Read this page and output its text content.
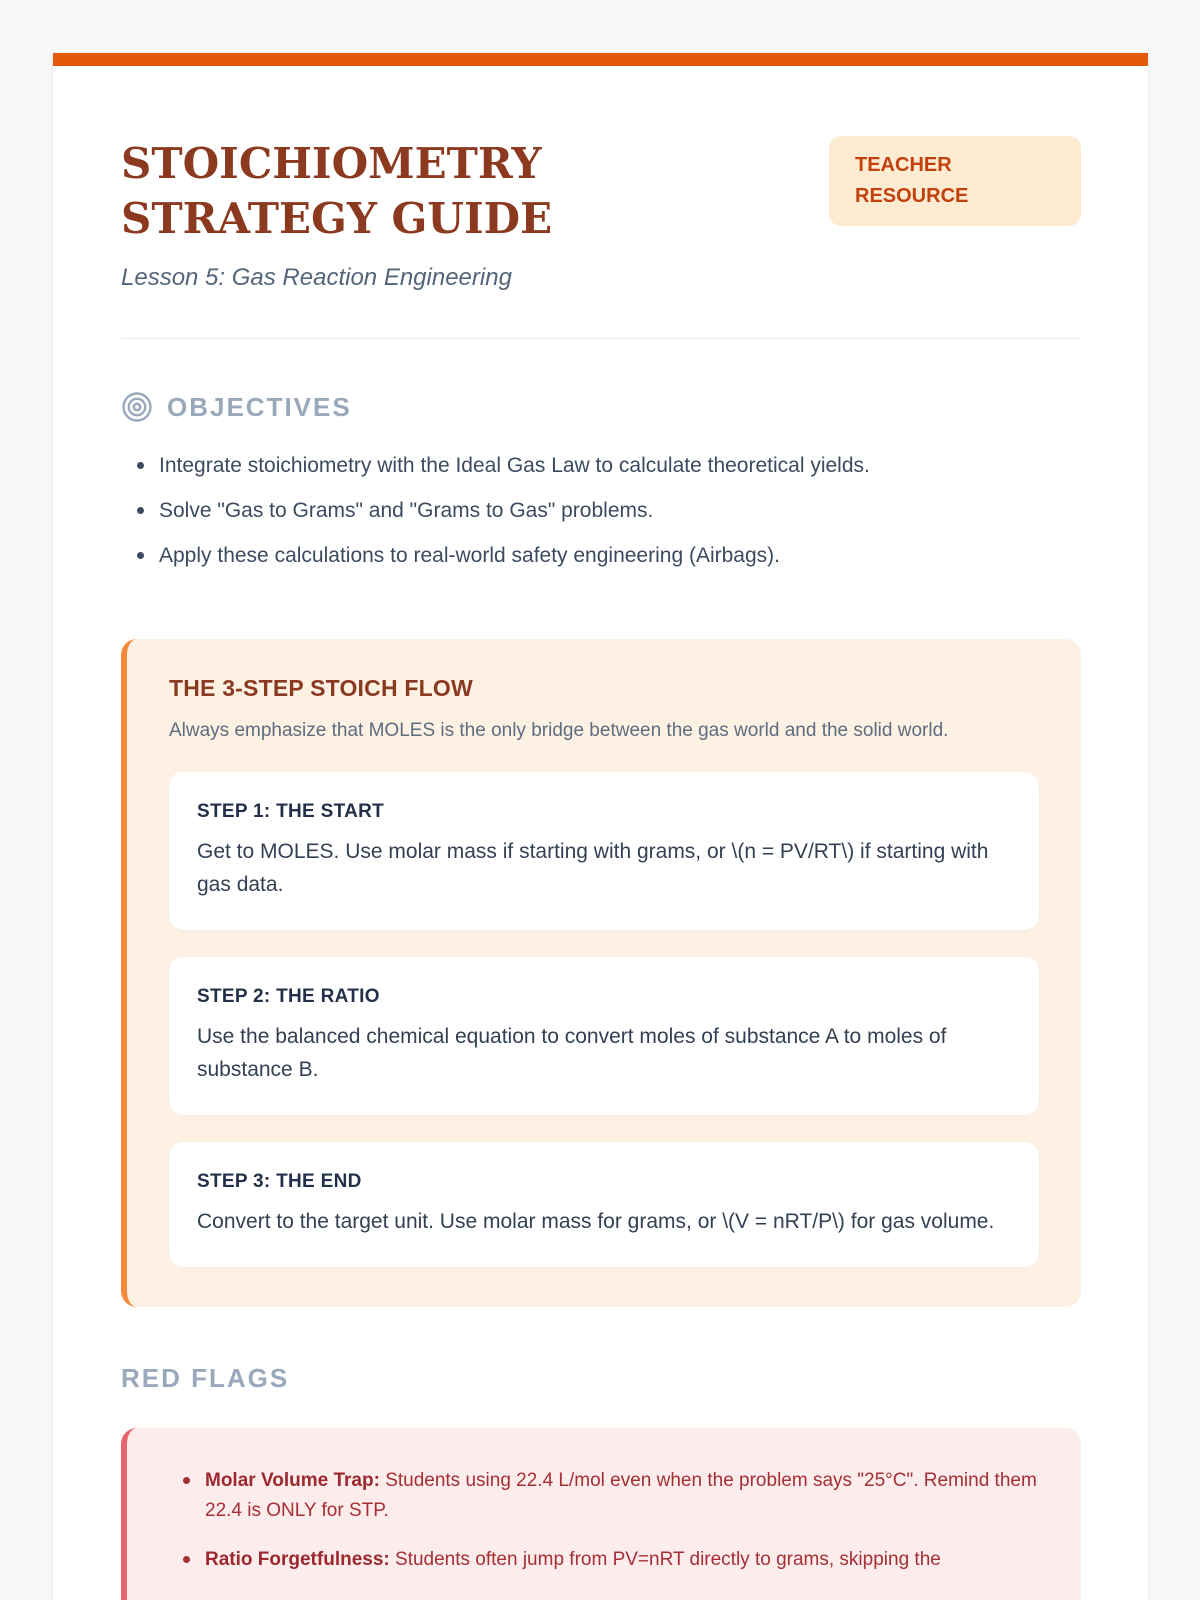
STOICHIOMETRY STRATEGY GUIDE
TEACHER RESOURCE
Lesson 5: Gas Reaction Engineering
OBJECTIVES
Integrate stoichiometry with the Ideal Gas Law to calculate theoretical yields.
Solve "Gas to Grams" and "Grams to Gas" problems.
Apply these calculations to real-world safety engineering (Airbags).
THE 3-STEP STOICH FLOW

Always emphasize that MOLES is the only bridge between the gas world and the solid world.

STEP 1: THE START
Get to MOLES. Use molar mass if starting with grams, or \(n = PV/RT\) if starting with gas data.
STEP 2: THE RATIO
Use the balanced chemical equation to convert moles of substance A to moles of substance B.
STEP 3: THE END
Convert to the target unit. Use molar mass for grams, or \(V = nRT/P\) for gas volume.
RED FLAGS
Molar Volume Trap: Students using 22.4 L/mol even when the problem says "25°C". Remind them 22.4 is ONLY for STP.
Ratio Forgetfulness: Students often jump from PV=nRT directly to grams, skipping the
